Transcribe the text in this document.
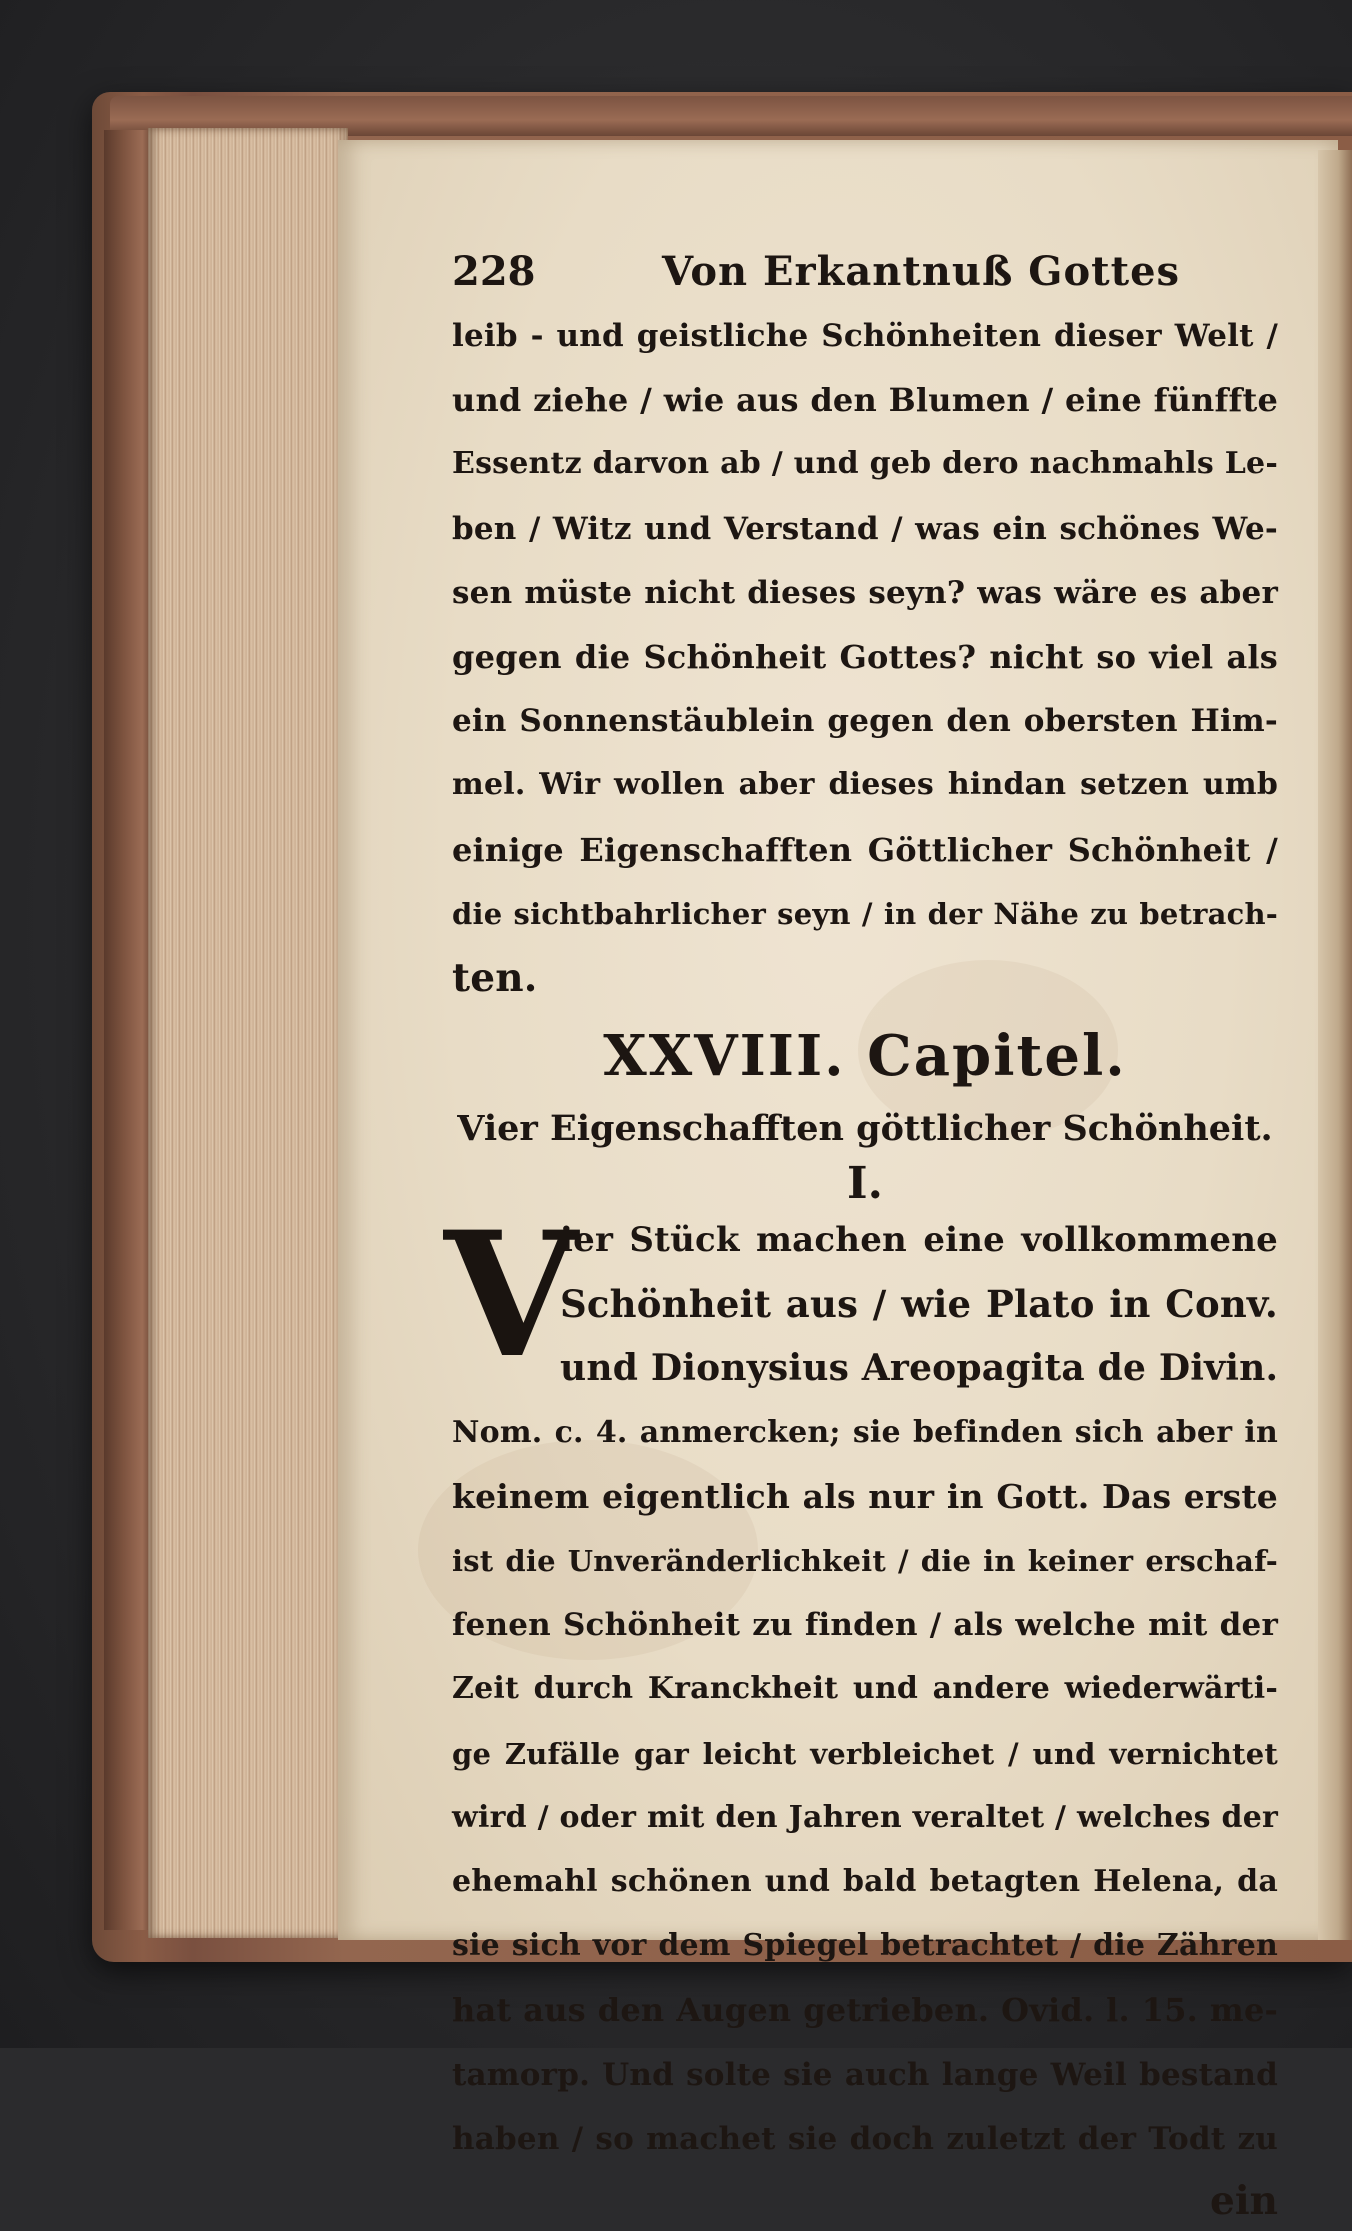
228	Von Erkantnuß Gottes
leib - und geistliche Schönheiten dieser Welt /
und ziehe / wie aus den Blumen / eine fünffte
Essentz darvon ab / und geb dero nachmahls Le-
ben / Witz und Verstand / was ein schönes We-
sen müste nicht dieses seyn? was wäre es aber
gegen die Schönheit Gottes? nicht so viel als
ein Sonnenstäublein gegen den obersten Him-
mel. Wir wollen aber dieses hindan setzen umb
einige Eigenschafften Göttlicher Schönheit /
die sichtbahrlicher seyn / in der Nähe zu betrach-
ten.
XXVIII. Capitel.
Vier Eigenschafften göttlicher Schönheit.
I.
V
ier Stück machen eine vollkommene
Schönheit aus / wie Plato in Conv.
und Dionysius Areopagita de Divin.
Nom. c. 4. anmercken; sie befinden sich aber in
keinem eigentlich als nur in Gott. Das erste
ist die Unveränderlichkeit / die in keiner erschaf-
fenen Schönheit zu finden / als welche mit der
Zeit durch Kranckheit und andere wiederwärti-
ge Zufälle gar leicht verbleichet / und vernichtet
wird / oder mit den Jahren veraltet / welches der
ehemahl schönen und bald betagten Helena, da
sie sich vor dem Spiegel betrachtet / die Zähren
hat aus den Augen getrieben. Ovid. l. 15. me-
tamorp. Und solte sie auch lange Weil bestand
haben / so machet sie doch zuletzt der Todt zu
ein
